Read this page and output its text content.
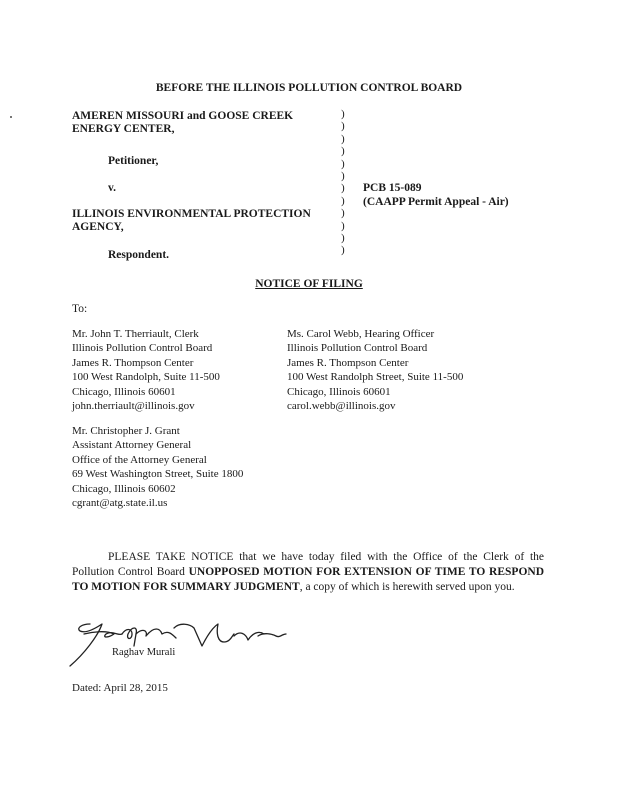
BEFORE THE ILLINOIS POLLUTION CONTROL BOARD
AMEREN MISSOURI and GOOSE CREEK
ENERGY CENTER,
Petitioner,
v.
ILLINOIS ENVIRONMENTAL PROTECTION
AGENCY,
Respondent.
)
)
)
)
)
)
)
)
)
)
)
)
PCB 15-089
(CAAPP Permit Appeal - Air)
NOTICE OF FILING
To:
Mr. John T. Therriault, Clerk
Illinois Pollution Control Board
James R. Thompson Center
100 West Randolph, Suite 11-500
Chicago, Illinois 60601
john.therriault@illinois.gov
Ms. Carol Webb, Hearing Officer
Illinois Pollution Control Board
James R. Thompson Center
100 West Randolph Street, Suite 11-500
Chicago, Illinois 60601
carol.webb@illinois.gov
Mr. Christopher J. Grant
Assistant Attorney General
Office of the Attorney General
69 West Washington Street, Suite 1800
Chicago, Illinois 60602
cgrant@atg.state.il.us
PLEASE TAKE NOTICE that we have today filed with the Office of the Clerk of the Pollution Control Board UNOPPOSED MOTION FOR EXTENSION OF TIME TO RESPOND TO MOTION FOR SUMMARY JUDGMENT, a copy of which is herewith served upon you.
Raghav Murali
Dated: April 28, 2015
